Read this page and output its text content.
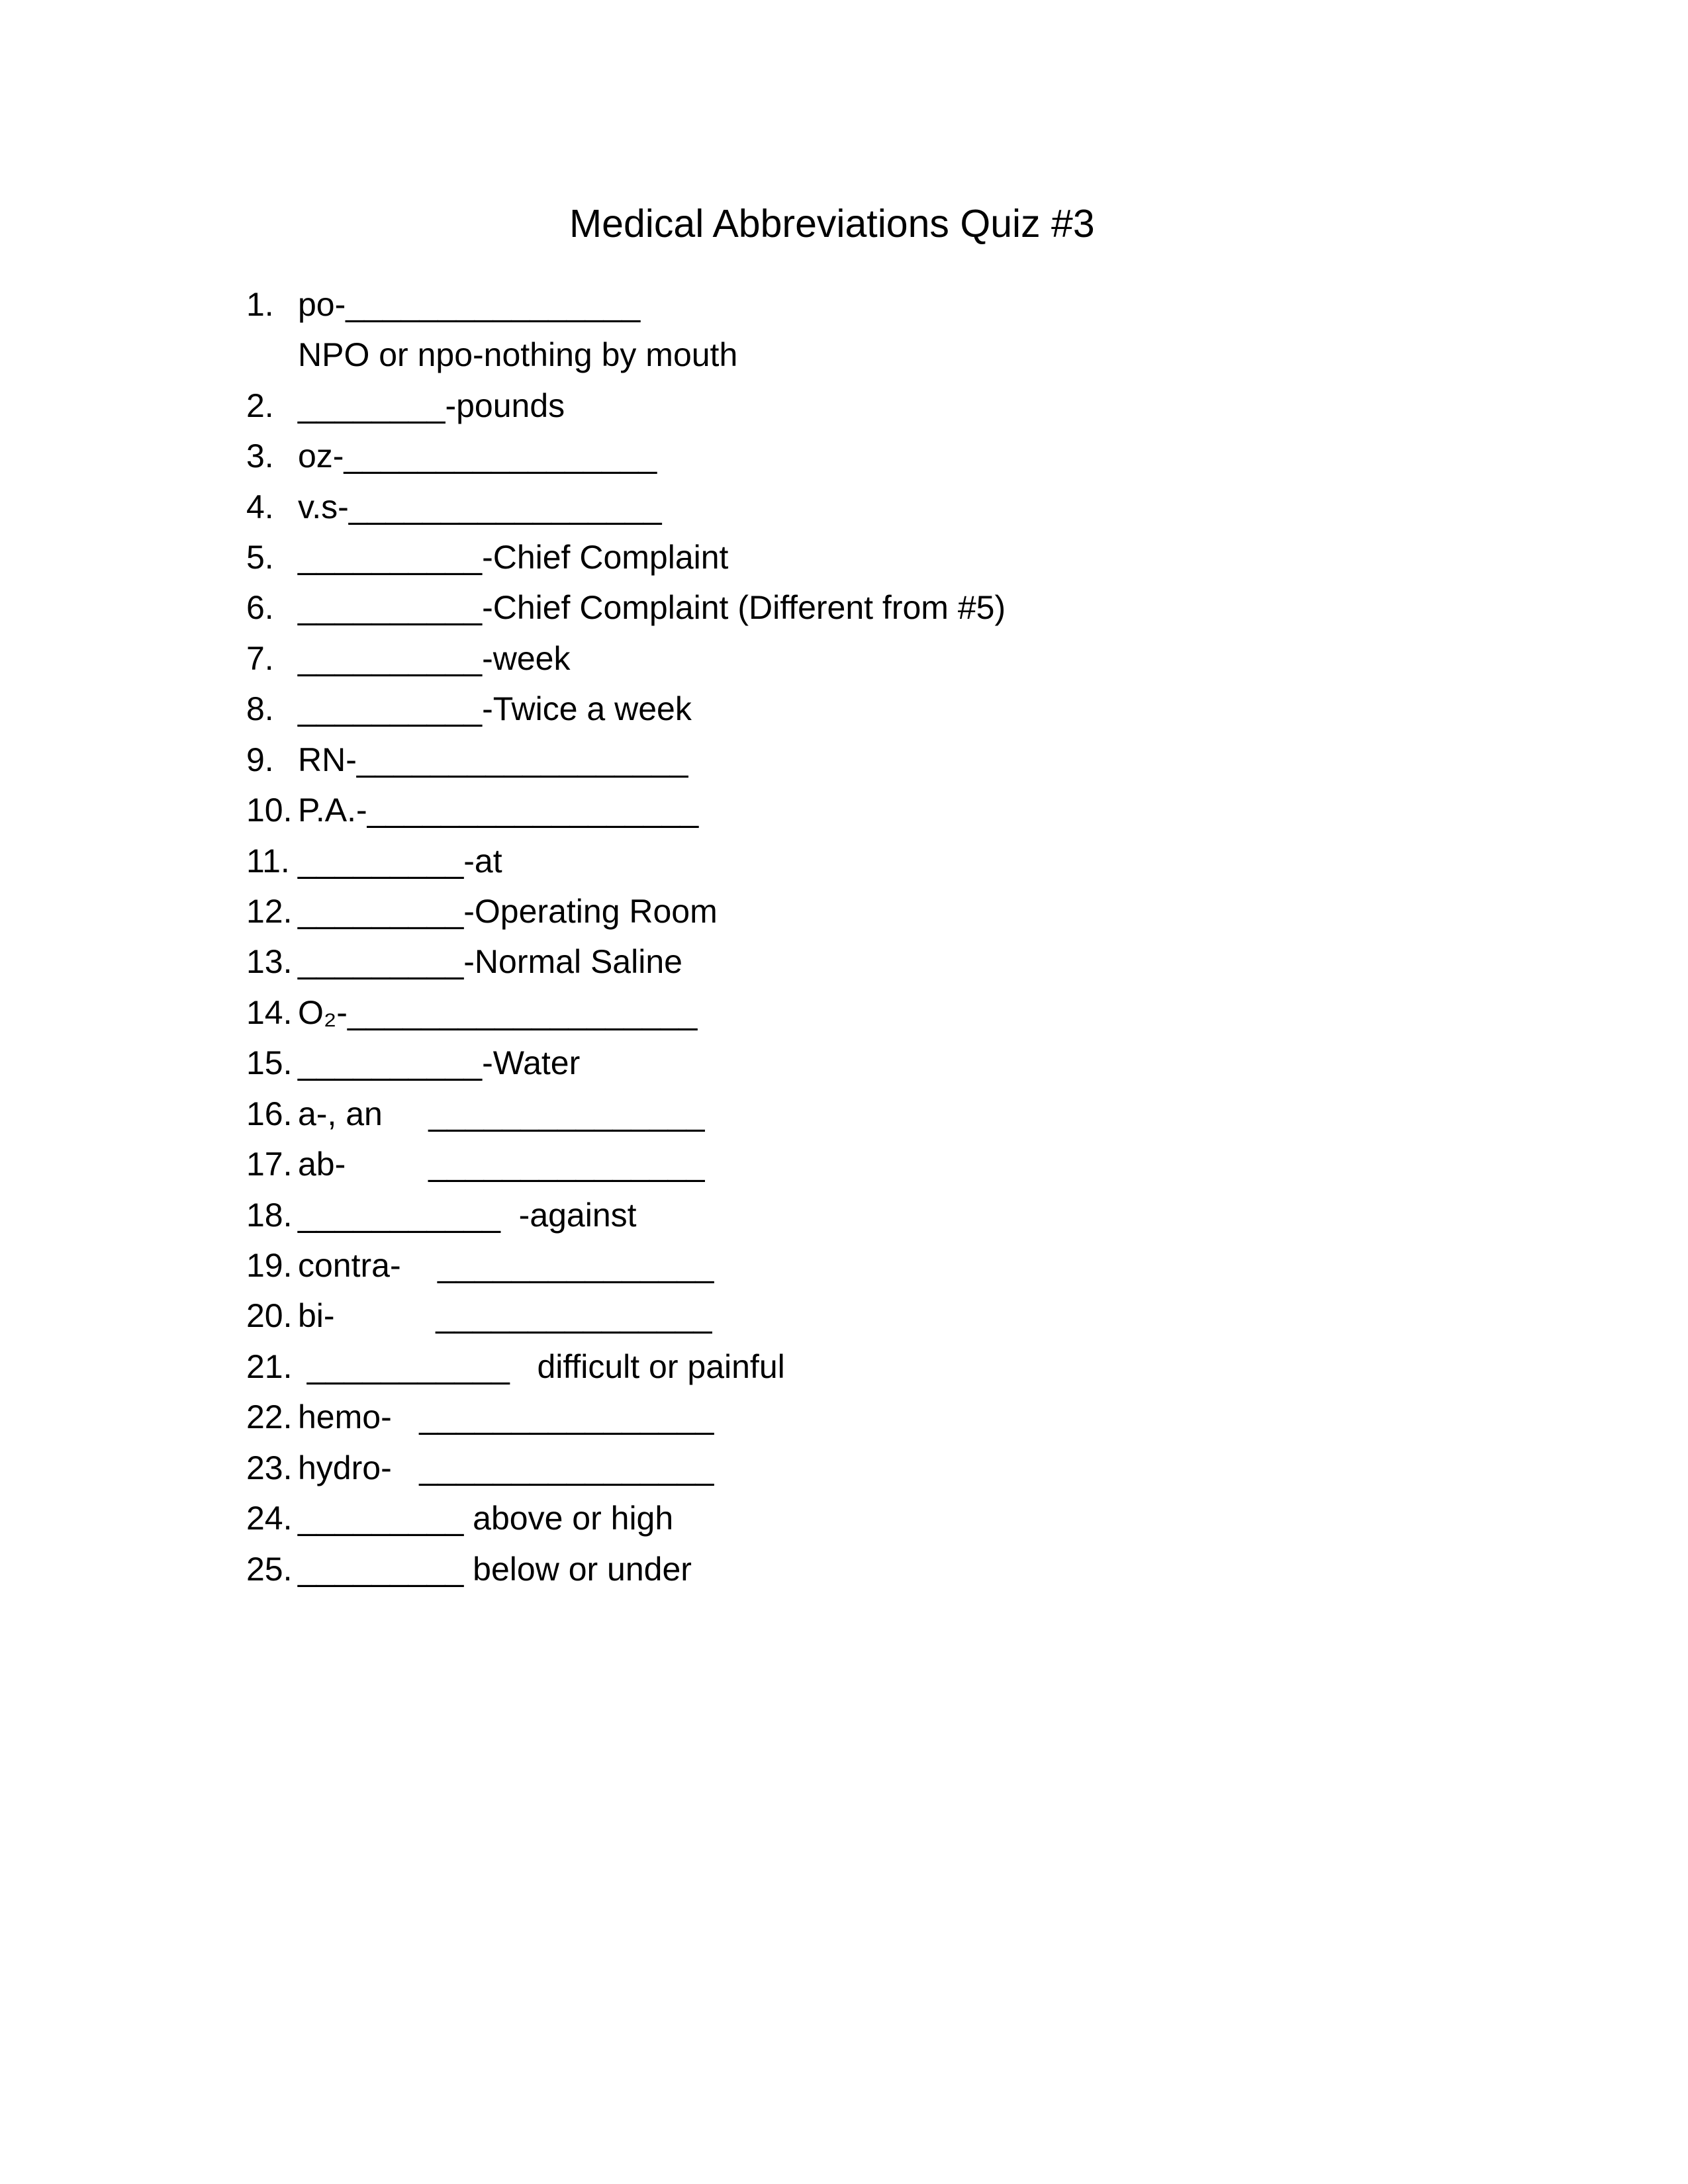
Medical Abbreviations Quiz #3
1. po-________________
NPO or npo-nothing by mouth
2. ________-pounds
3. oz-_________________
4. v.s-_________________
5. __________-Chief Complaint
6. __________-Chief Complaint (Different from #5)
7. __________-week
8. __________-Twice a week
9. RN-__________________
10. P.A.-__________________
11. _________-at
12. _________-Operating Room
13. _________-Normal Saline
14. O₂-___________________
15. __________-Water
16. a-, an     _______________
17. ab-         _______________
18. ___________  -against
19. contra-    _______________
20. bi-           _______________
21. ___________   difficult or painful
22. hemo-   ________________
23. hydro-   ________________
24. _________ above or high
25. _________ below or under
